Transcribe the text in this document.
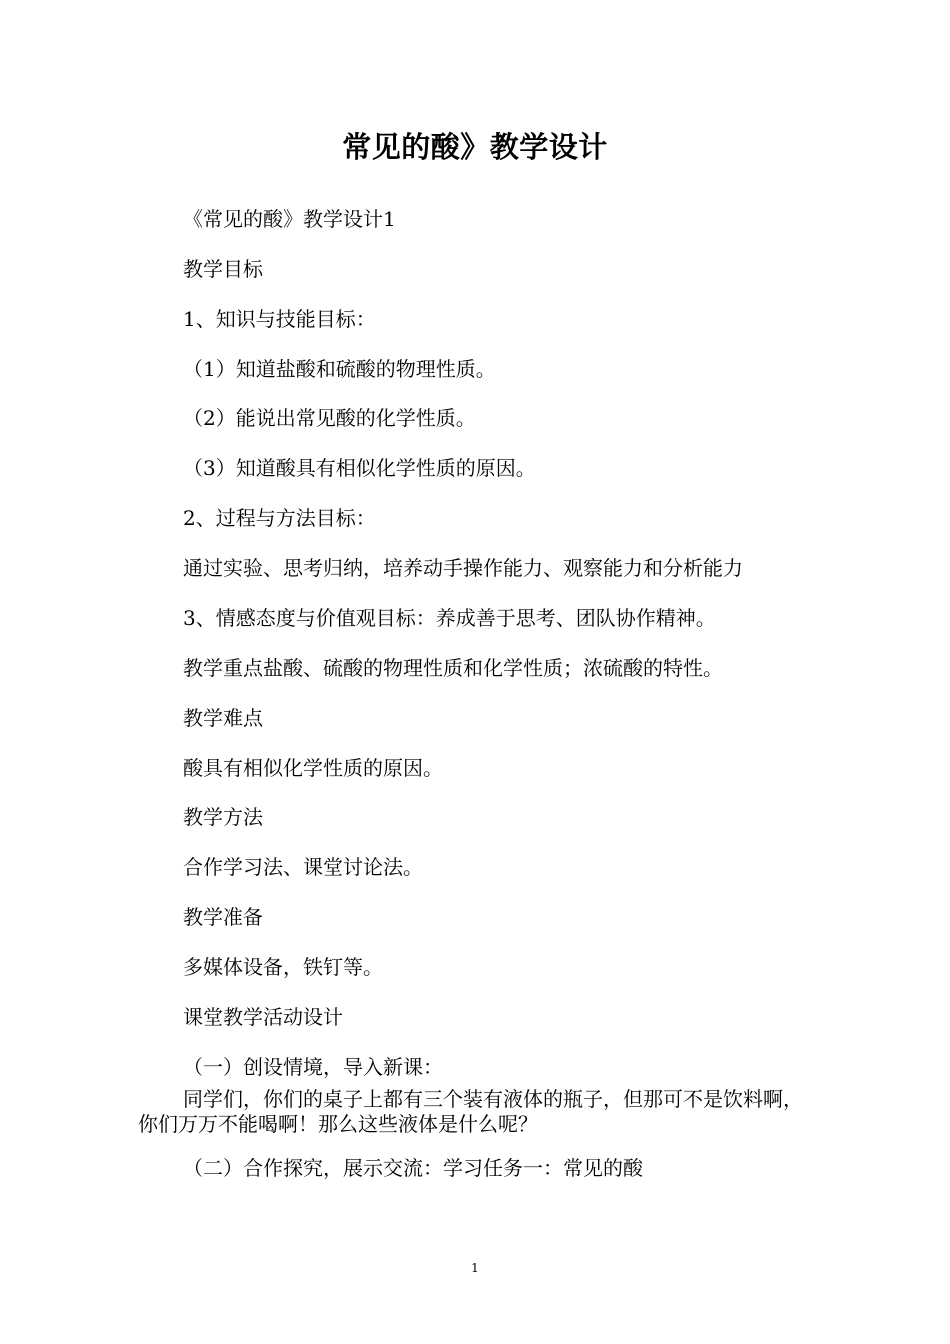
常见的酸》教学设计
《常见的酸》教学设计1
教学目标
1、知识与技能目标：
（1）知道盐酸和硫酸的物理性质。
（2）能说出常见酸的化学性质。
（3）知道酸具有相似化学性质的原因。
2、过程与方法目标：
通过实验、思考归纳，培养动手操作能力、观察能力和分析能力
3、情感态度与价值观目标：养成善于思考、团队协作精神。
教学重点盐酸、硫酸的物理性质和化学性质；浓硫酸的特性。
教学难点
酸具有相似化学性质的原因。
教学方法
合作学习法、课堂讨论法。
教学准备
多媒体设备，铁钉等。
课堂教学活动设计
（一）创设情境，导入新课：
同学们，你们的桌子上都有三个装有液体的瓶子，但那可不是饮料啊，你们万万不能喝啊！那么这些液体是什么呢？
（二）合作探究，展示交流：学习任务一：常见的酸
1
